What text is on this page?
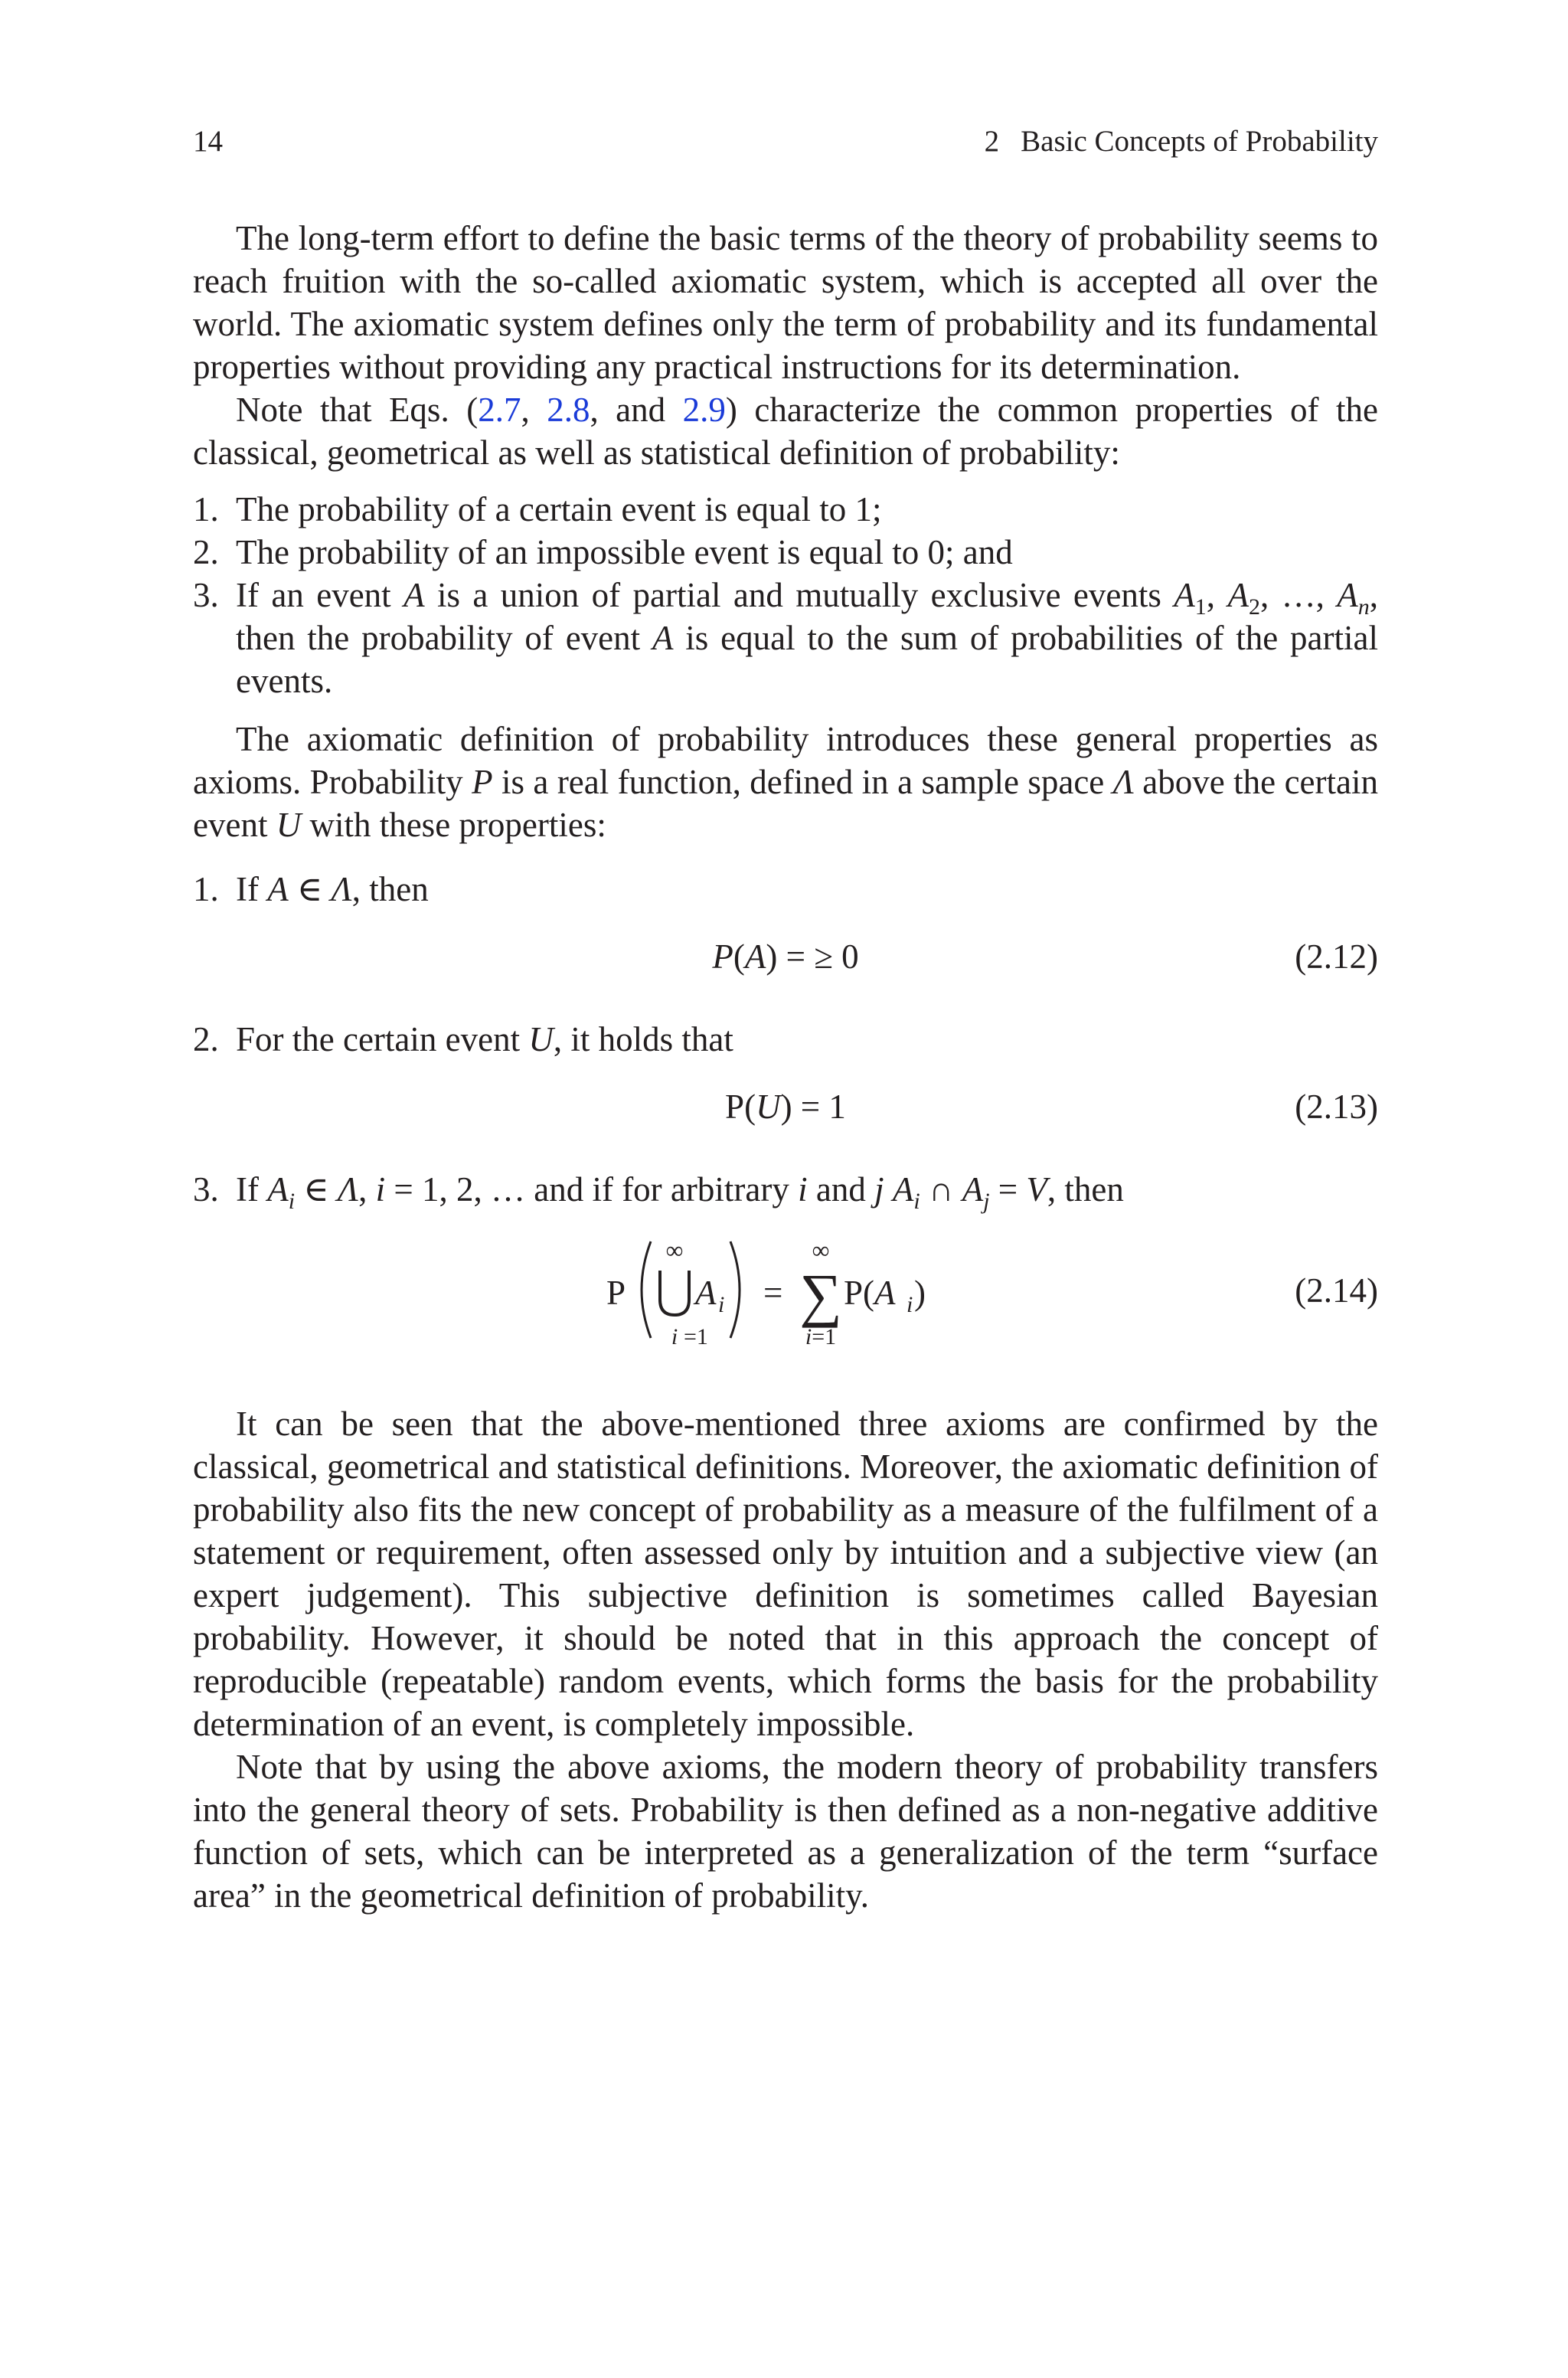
14	2 Basic Concepts of Probability

The long-term effort to define the basic terms of the theory of probability seems to reach fruition with the so-called axiomatic system, which is accepted all over the world. The axiomatic system defines only the term of probability and its fundamental properties without providing any practical instructions for its determination.

Note that Eqs. (2.7, 2.8, and 2.9) characterize the common properties of the classical, geometrical as well as statistical definition of probability:

1. The probability of a certain event is equal to 1;
2. The probability of an impossible event is equal to 0; and
3. If an event A is a union of partial and mutually exclusive events $A_1$, $A_2$, …, $A_n$, then the probability of event A is equal to the sum of probabilities of the partial events.

The axiomatic definition of probability introduces these general properties as axioms. Probability P is a real function, defined in a sample space Λ above the certain event U with these properties:

1. If A ∈ Λ, then
P(A) = ≥ 0	(2.12)
2. For the certain event U, it holds that
P(U) = 1	(2.13)
3. If $A_i$ ∈ Λ, i = 1, 2, … and if for arbitrary i and j $A_i$ ∩ $A_j = V$, then
P
∞
i =1
A i =
∞
∑
i=1
P(A i )	(2.14)

It can be seen that the above-mentioned three axioms are confirmed by the classical, geometrical and statistical definitions. Moreover, the axiomatic definition of probability also fits the new concept of probability as a measure of the fulfilment of a statement or requirement, often assessed only by intuition and a subjective view (an expert judgement). This subjective definition is sometimes called Bayesian probability. However, it should be noted that in this approach the concept of reproducible (repeatable) random events, which forms the basis for the probability determination of an event, is completely impossible.

Note that by using the above axioms, the modern theory of probability transfers into the general theory of sets. Probability is then defined as a non-negative additive function of sets, which can be interpreted as a generalization of the term “surface area” in the geometrical definition of probability.
